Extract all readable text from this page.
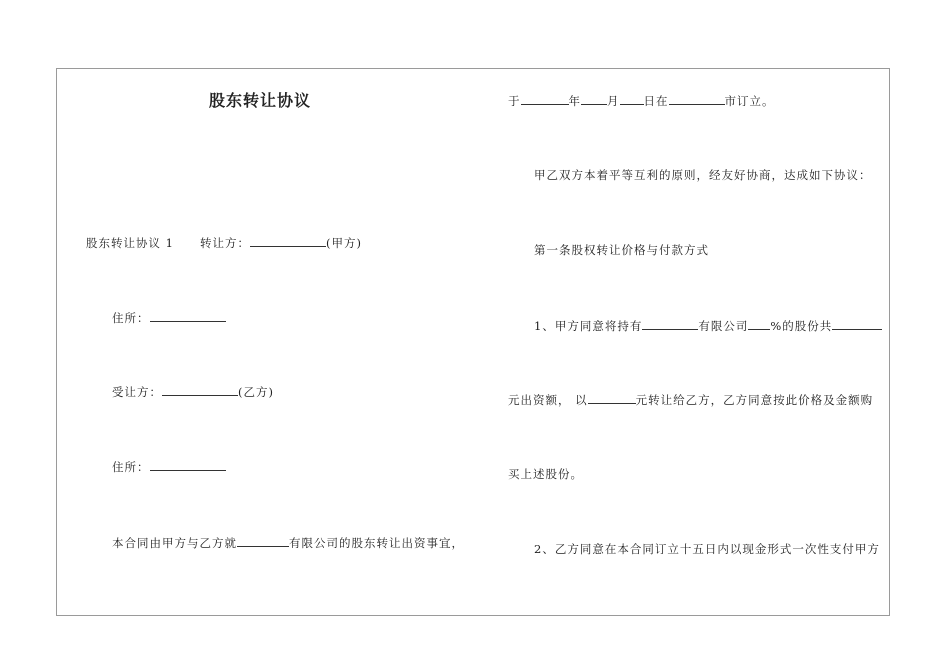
股东转让协议
股东转让协议 1 转让方：	(甲方)
住所：
受让方：	(乙方)
住所：
本合同由甲方与乙方就	有限公司的股东转让出资事宜，
于	年 月 日在	市订立。
甲乙双方本着平等互利的原则，经友好协商，达成如下协议：
第一条股权转让价格与付款方式
1、甲方同意将持有	有限公司 %的股份共
元出资额， 以	元转让给乙方，乙方同意按此价格及金额购
买上述股份。
2、乙方同意在本合同订立十五日内以现金形式一次性支付甲方
